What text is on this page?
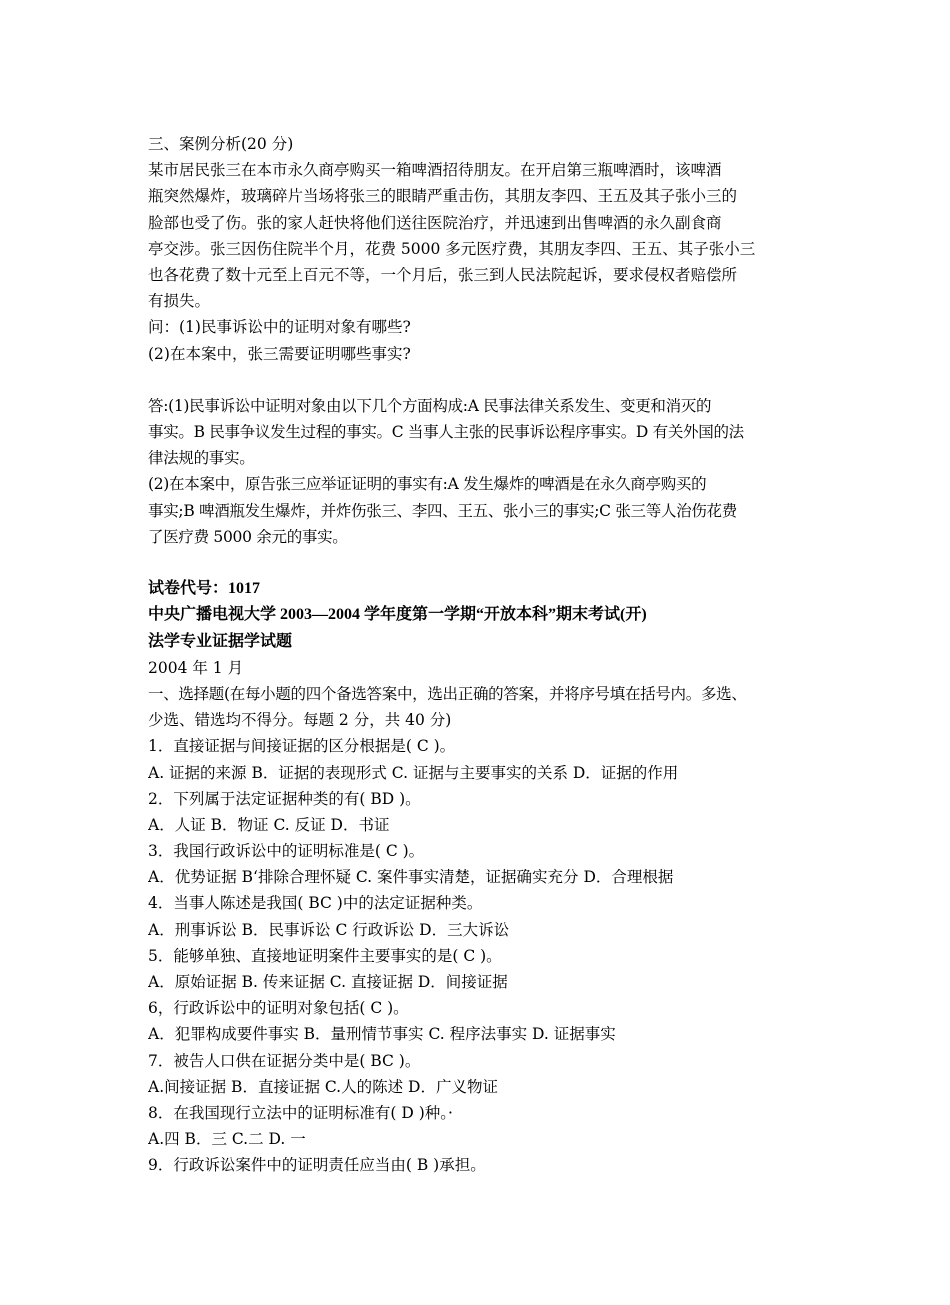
三、案例分析(20 分)
某市居民张三在本市永久商亭购买一箱啤酒招待朋友。在开启第三瓶啤酒时，该啤酒
瓶突然爆炸，玻璃碎片当场将张三的眼睛严重击伤，其朋友李四、王五及其子张小三的
脸部也受了伤。张的家人赶快将他们送往医院治疗，并迅速到出售啤酒的永久副食商
亭交涉。张三因伤住院半个月，花费 5000 多元医疗费，其朋友李四、王五、其子张小三
也各花费了数十元至上百元不等，一个月后，张三到人民法院起诉，要求侵权者赔偿所
有损失。
问：(1)民事诉讼中的证明对象有哪些?
(2)在本案中，张三需要证明哪些事实?
答:(1)民事诉讼中证明对象由以下几个方面构成:A 民事法律关系发生、变更和消灭的
事实。B 民事争议发生过程的事实。C 当事人主张的民事诉讼程序事实。D 有关外国的法
律法规的事实。
(2)在本案中，原告张三应举证证明的事实有:A 发生爆炸的啤酒是在永久商亭购买的
事实;B 啤酒瓶发生爆炸，并炸伤张三、李四、王五、张小三的事实;C 张三等人治伤花费
了医疗费 5000 余元的事实。
试卷代号：1017
中央广播电视大学 2003—2004 学年度第一学期“开放本科”期末考试(开)
法学专业证据学试题
2004 年 1 月
一、选择题(在每小题的四个备选答案中，选出正确的答案，并将序号填在括号内。多选、
少选、错选均不得分。每题 2 分，共 40 分)
1．直接证据与间接证据的区分根据是( C )。
A. 证据的来源 B．证据的表现形式 C. 证据与主要事实的关系 D．证据的作用
2．下列属于法定证据种类的有( BD )。
A．人证 B．物证 C. 反证 D．书证
3．我国行政诉讼中的证明标准是( C )。
A．优势证据 B‘排除合理怀疑 C. 案件事实清楚，证据确实充分 D．合理根据
4．当事人陈述是我国( BC )中的法定证据种类。
A．刑事诉讼 B．民事诉讼 C 行政诉讼 D．三大诉讼
5．能够单独、直接地证明案件主要事实的是( C )。
A．原始证据 B. 传来证据 C. 直接证据 D．间接证据
6，行政诉讼中的证明对象包括( C )。
A．犯罪构成要件事实 B．量刑情节事实 C. 程序法事实 D. 证据事实
7．被告人口供在证据分类中是( BC )。
A.间接证据 B．直接证据 C.人的陈述 D．广义物证
8．在我国现行立法中的证明标准有( D )种。·
A.四 B．三 C.二 D. 一
9．行政诉讼案件中的证明责任应当由( B )承担。
